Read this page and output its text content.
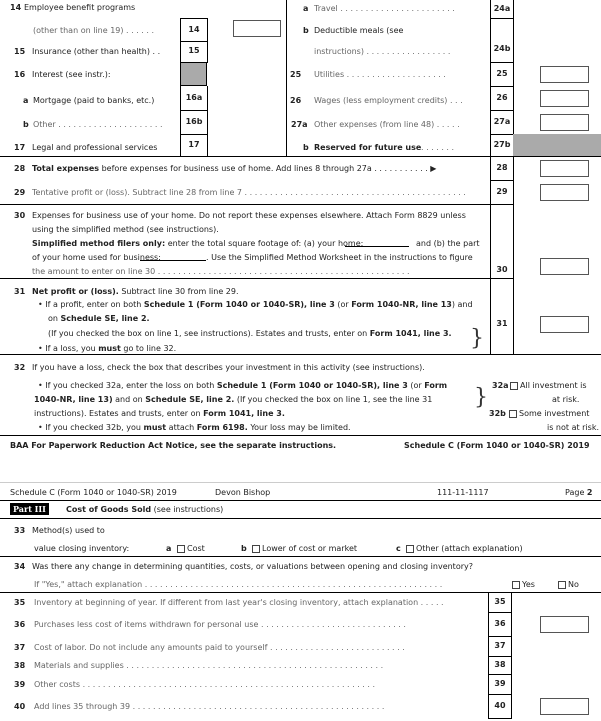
14 Employee benefit programs
(other than on line 19) . . . . . .	14
15 Insurance (other than health) . .	15
16 Interest (see instr.):
a Mortgage (paid to banks, etc.)	16a
b Other . . . . . . . . . . . . . . . . . . . . .	16b
17 Legal and professional services	17
a Travel . . . . . . . . . . . . . . . . . . . . . . .	24a
b Deductible meals (see
instructions) . . . . . . . . . . . . . . . . .	24b
25 Utilities . . . . . . . . . . . . . . . . . . . .	25
26 Wages (less employment credits) . . .	26
27a Other expenses (from line 48) . . . . .	27a
b Reserved for future use . . . . . . .	27b
28 Total expenses before expenses for business use of home. Add lines 8 through 27a . . . . . . . . . . . ▶	28
29 Tentative profit or (loss). Subtract line 28 from line 7 . . . . . . . . . . . . . . . . . . . . . . . . . . . . . . . . . . . . . . . . . . . .	29
30 Expenses for business use of your home. Do not report these expenses elsewhere. Attach Form 8829 unless
using the simplified method (see instructions).
Simplified method filers only: enter the total square footage of: (a) your home:	and (b) the part
of your home used for business:	. Use the Simplified Method Worksheet in the instructions to figure
the amount to enter on line 30 . . . . . . . . . . . . . . . . . . . . . . . . . . . . . . . . . . . . . . . . . . . . . . . . . .	30
31 Net profit or (loss). Subtract line 30 from line 29.
• If a profit, enter on both Schedule 1 (Form 1040 or 1040-SR), line 3 (or Form 1040-NR, line 13) and
on Schedule SE, line 2.
(If you checked the box on line 1, see instructions). Estates and trusts, enter on Form 1041, line 3.
• If a loss, you must go to line 32.	}
31
32 If you have a loss, check the box that describes your investment in this activity (see instructions).
• If you checked 32a, enter the loss on both Schedule 1 (Form 1040 or 1040-SR), line 3 (or Form
1040-NR, line 13) and on Schedule SE, line 2. (If you checked the box on line 1, see the line 31
instructions). Estates and trusts, enter on Form 1041, line 3.
• If you checked 32b, you must attach Form 6198. Your loss may be limited.
} 32a	All investment is
at risk.
32b	Some investment
is not at risk.
BAA For Paperwork Reduction Act Notice, see the separate instructions.	Schedule C (Form 1040 or 1040-SR) 2019
Schedule C (Form 1040 or 1040-SR) 2019	Devon Bishop	111-11-1117	Page 2
Part III	Cost of Goods Sold (see instructions)
33 Method(s) used to
value closing inventory:	a	Cost	b	Lower of cost or market	c	Other (attach explanation)
34 Was there any change in determining quantities, costs, or valuations between opening and closing inventory?
If "Yes," attach explanation . . . . . . . . . . . . . . . . . . . . . . . . . . . . . . . . . . . . . . . . . . . . . . . . . . . . . . . . . . .	Yes	No
35 Inventory at beginning of year. If different from last year's closing inventory, attach explanation . . . . .	35
36 Purchases less cost of items withdrawn for personal use . . . . . . . . . . . . . . . . . . . . . . . . . . . . .	36
37 Cost of labor. Do not include any amounts paid to yourself . . . . . . . . . . . . . . . . . . . . . . . . . . .	37
38 Materials and supplies . . . . . . . . . . . . . . . . . . . . . . . . . . . . . . . . . . . . . . . . . . . . . . . . . . .	38
39 Other costs . . . . . . . . . . . . . . . . . . . . . . . . . . . . . . . . . . . . . . . . . . . . . . . . . . . . . . . . . .	39
40 Add lines 35 through 39 . . . . . . . . . . . . . . . . . . . . . . . . . . . . . . . . . . . . . . . . . . . . . . . . . .	40
